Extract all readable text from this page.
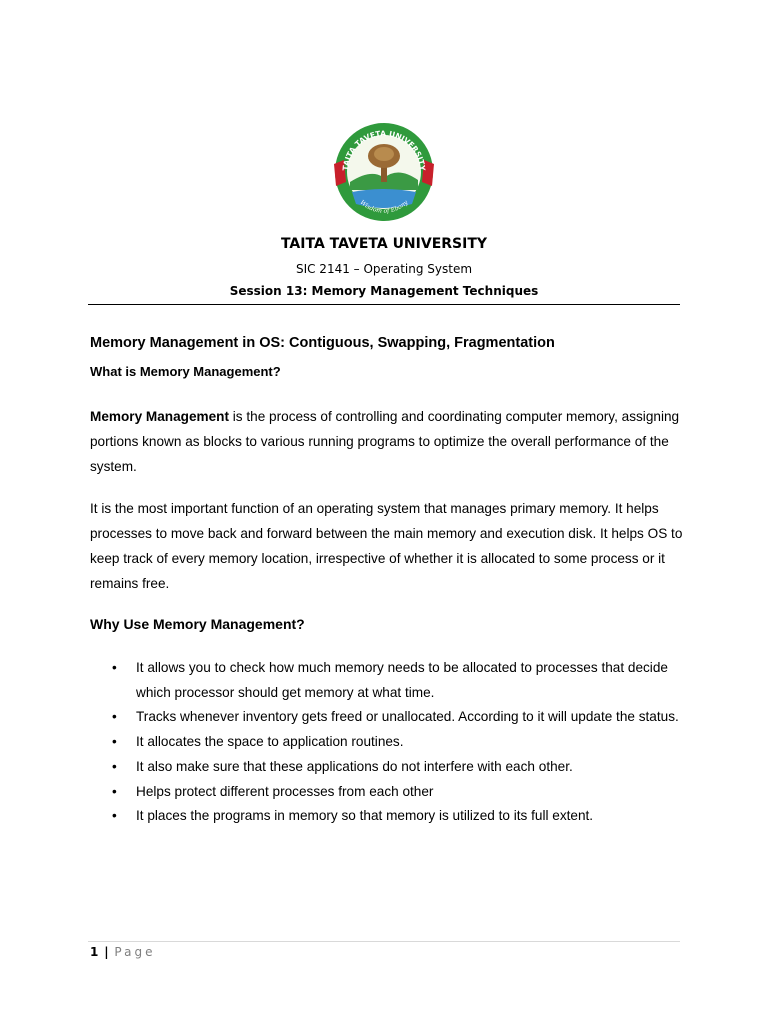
TAITA TAVETA UNIVERSITY
Wisdom of Ebony
TAITA TAVETA UNIVERSITY
SIC 2141 – Operating System
Session 13: Memory Management Techniques
Memory Management in OS: Contiguous, Swapping, Fragmentation
What is Memory Management?

Memory Management is the process of controlling and coordinating computer memory, assigning portions known as blocks to various running programs to optimize the overall performance of the system.

It is the most important function of an operating system that manages primary memory. It helps processes to move back and forward between the main memory and execution disk. It helps OS to keep track of every memory location, irrespective of whether it is allocated to some process or it remains free.

Why Use Memory Management?
• It allows you to check how much memory needs to be allocated to processes that decide which processor should get memory at what time.
• Tracks whenever inventory gets freed or unallocated. According to it will update the status.
• It allocates the space to application routines.
• It also make sure that these applications do not interfere with each other.
• Helps protect different processes from each other
• It places the programs in memory so that memory is utilized to its full extent.
1 | Page
